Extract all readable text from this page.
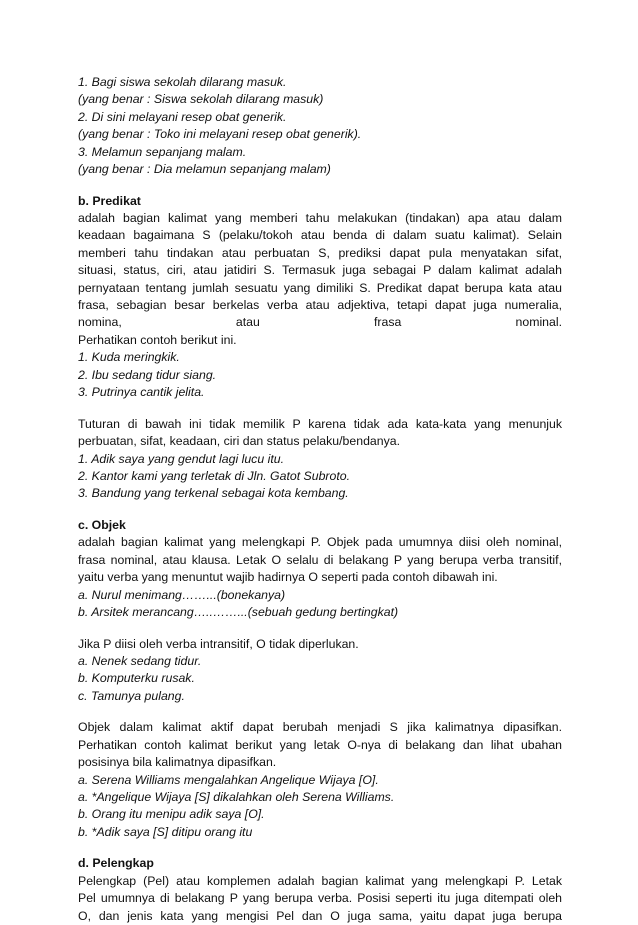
1. Bagi siswa sekolah dilarang masuk.
(yang benar : Siswa sekolah dilarang masuk)
2. Di sini melayani resep obat generik.
(yang benar : Toko ini melayani resep obat generik).
3. Melamun sepanjang malam.
(yang benar : Dia melamun sepanjang malam)
b. Predikat
adalah bagian kalimat yang memberi tahu melakukan (tindakan) apa atau dalam
keadaan bagaimana S (pelaku/tokoh atau benda di dalam suatu kalimat). Selain
memberi tahu tindakan atau perbuatan S, prediksi dapat pula menyatakan sifat,
situasi, status, ciri, atau jatidiri S. Termasuk juga sebagai P dalam kalimat adalah
pernyataan tentang jumlah sesuatu yang dimiliki S. Predikat dapat berupa kata atau
frasa, sebagian besar berkelas verba atau adjektiva, tetapi dapat juga numeralia,
nomina, atau frasa nominal.
Perhatikan contoh berikut ini.
1. Kuda meringkik.
2. Ibu sedang tidur siang.
3. Putrinya cantik jelita.
Tuturan di bawah ini tidak memilik P karena tidak ada kata-kata yang menunjuk
perbuatan, sifat, keadaan, ciri dan status pelaku/bendanya.
1. Adik saya yang gendut lagi lucu itu.
2. Kantor kami yang terletak di Jln. Gatot Subroto.
3. Bandung yang terkenal sebagai kota kembang.
c. Objek
adalah bagian kalimat yang melengkapi P. Objek pada umumnya diisi oleh nominal,
frasa nominal, atau klausa. Letak O selalu di belakang P yang berupa verba transitif,
yaitu verba yang menuntut wajib hadirnya O seperti pada contoh dibawah ini.
a. Nurul menimang……...(bonekanya)
b. Arsitek merancang…..……...(sebuah gedung bertingkat)
Jika P diisi oleh verba intransitif, O tidak diperlukan.
a. Nenek sedang tidur.
b. Komputerku rusak.
c. Tamunya pulang.
Objek dalam kalimat aktif dapat berubah menjadi S jika kalimatnya dipasifkan.
Perhatikan contoh kalimat berikut yang letak O-nya di belakang dan lihat ubahan
posisinya bila kalimatnya dipasifkan.
a. Serena Williams mengalahkan Angelique Wijaya [O].
a. *Angelique Wijaya [S] dikalahkan oleh Serena Williams.
b. Orang itu menipu adik saya [O].
b. *Adik saya [S] ditipu orang itu
d. Pelengkap
Pelengkap (Pel) atau komplemen adalah bagian kalimat yang melengkapi P. Letak
Pel umumnya di belakang P yang berupa verba. Posisi seperti itu juga ditempati oleh
O, dan jenis kata yang mengisi Pel dan O juga sama, yaitu dapat juga berupa
